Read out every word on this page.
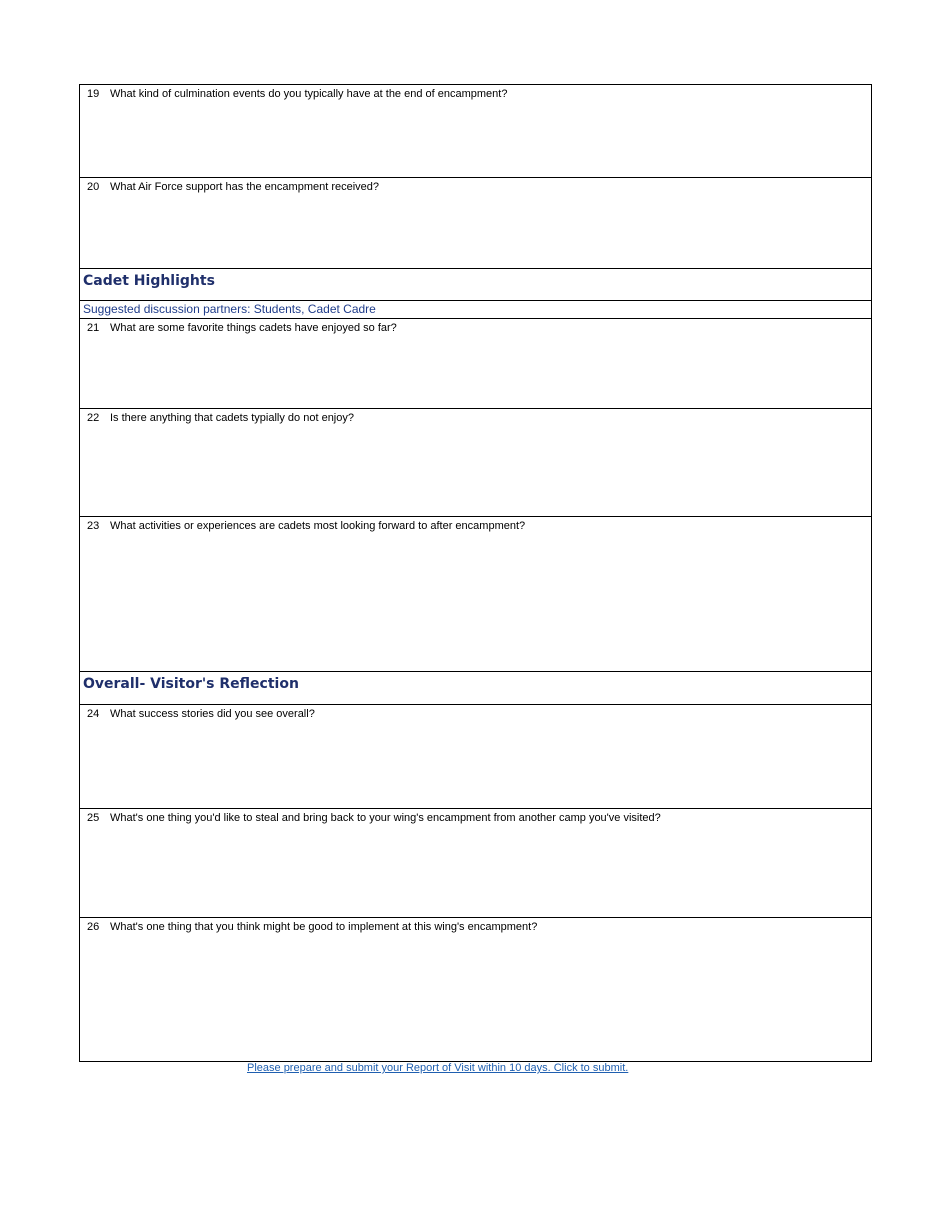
19 What kind of culmination events do you typically have at the end of encampment?
20 What Air Force support has the encampment received?
Cadet Highlights
Suggested discussion partners: Students, Cadet Cadre
21 What are some favorite things cadets have enjoyed so far?
22 Is there anything that cadets typially do not enjoy?
23 What activities or experiences are cadets most looking forward to after encampment?
Overall- Visitor's Reflection
24 What success stories did you see overall?
25 What's one thing you'd like to steal and bring back to your wing's encampment from another camp you've visited?
26 What's one thing that you think might be good to implement at this wing's encampment?
Please prepare and submit your Report of Visit within 10 days. Click to submit.
